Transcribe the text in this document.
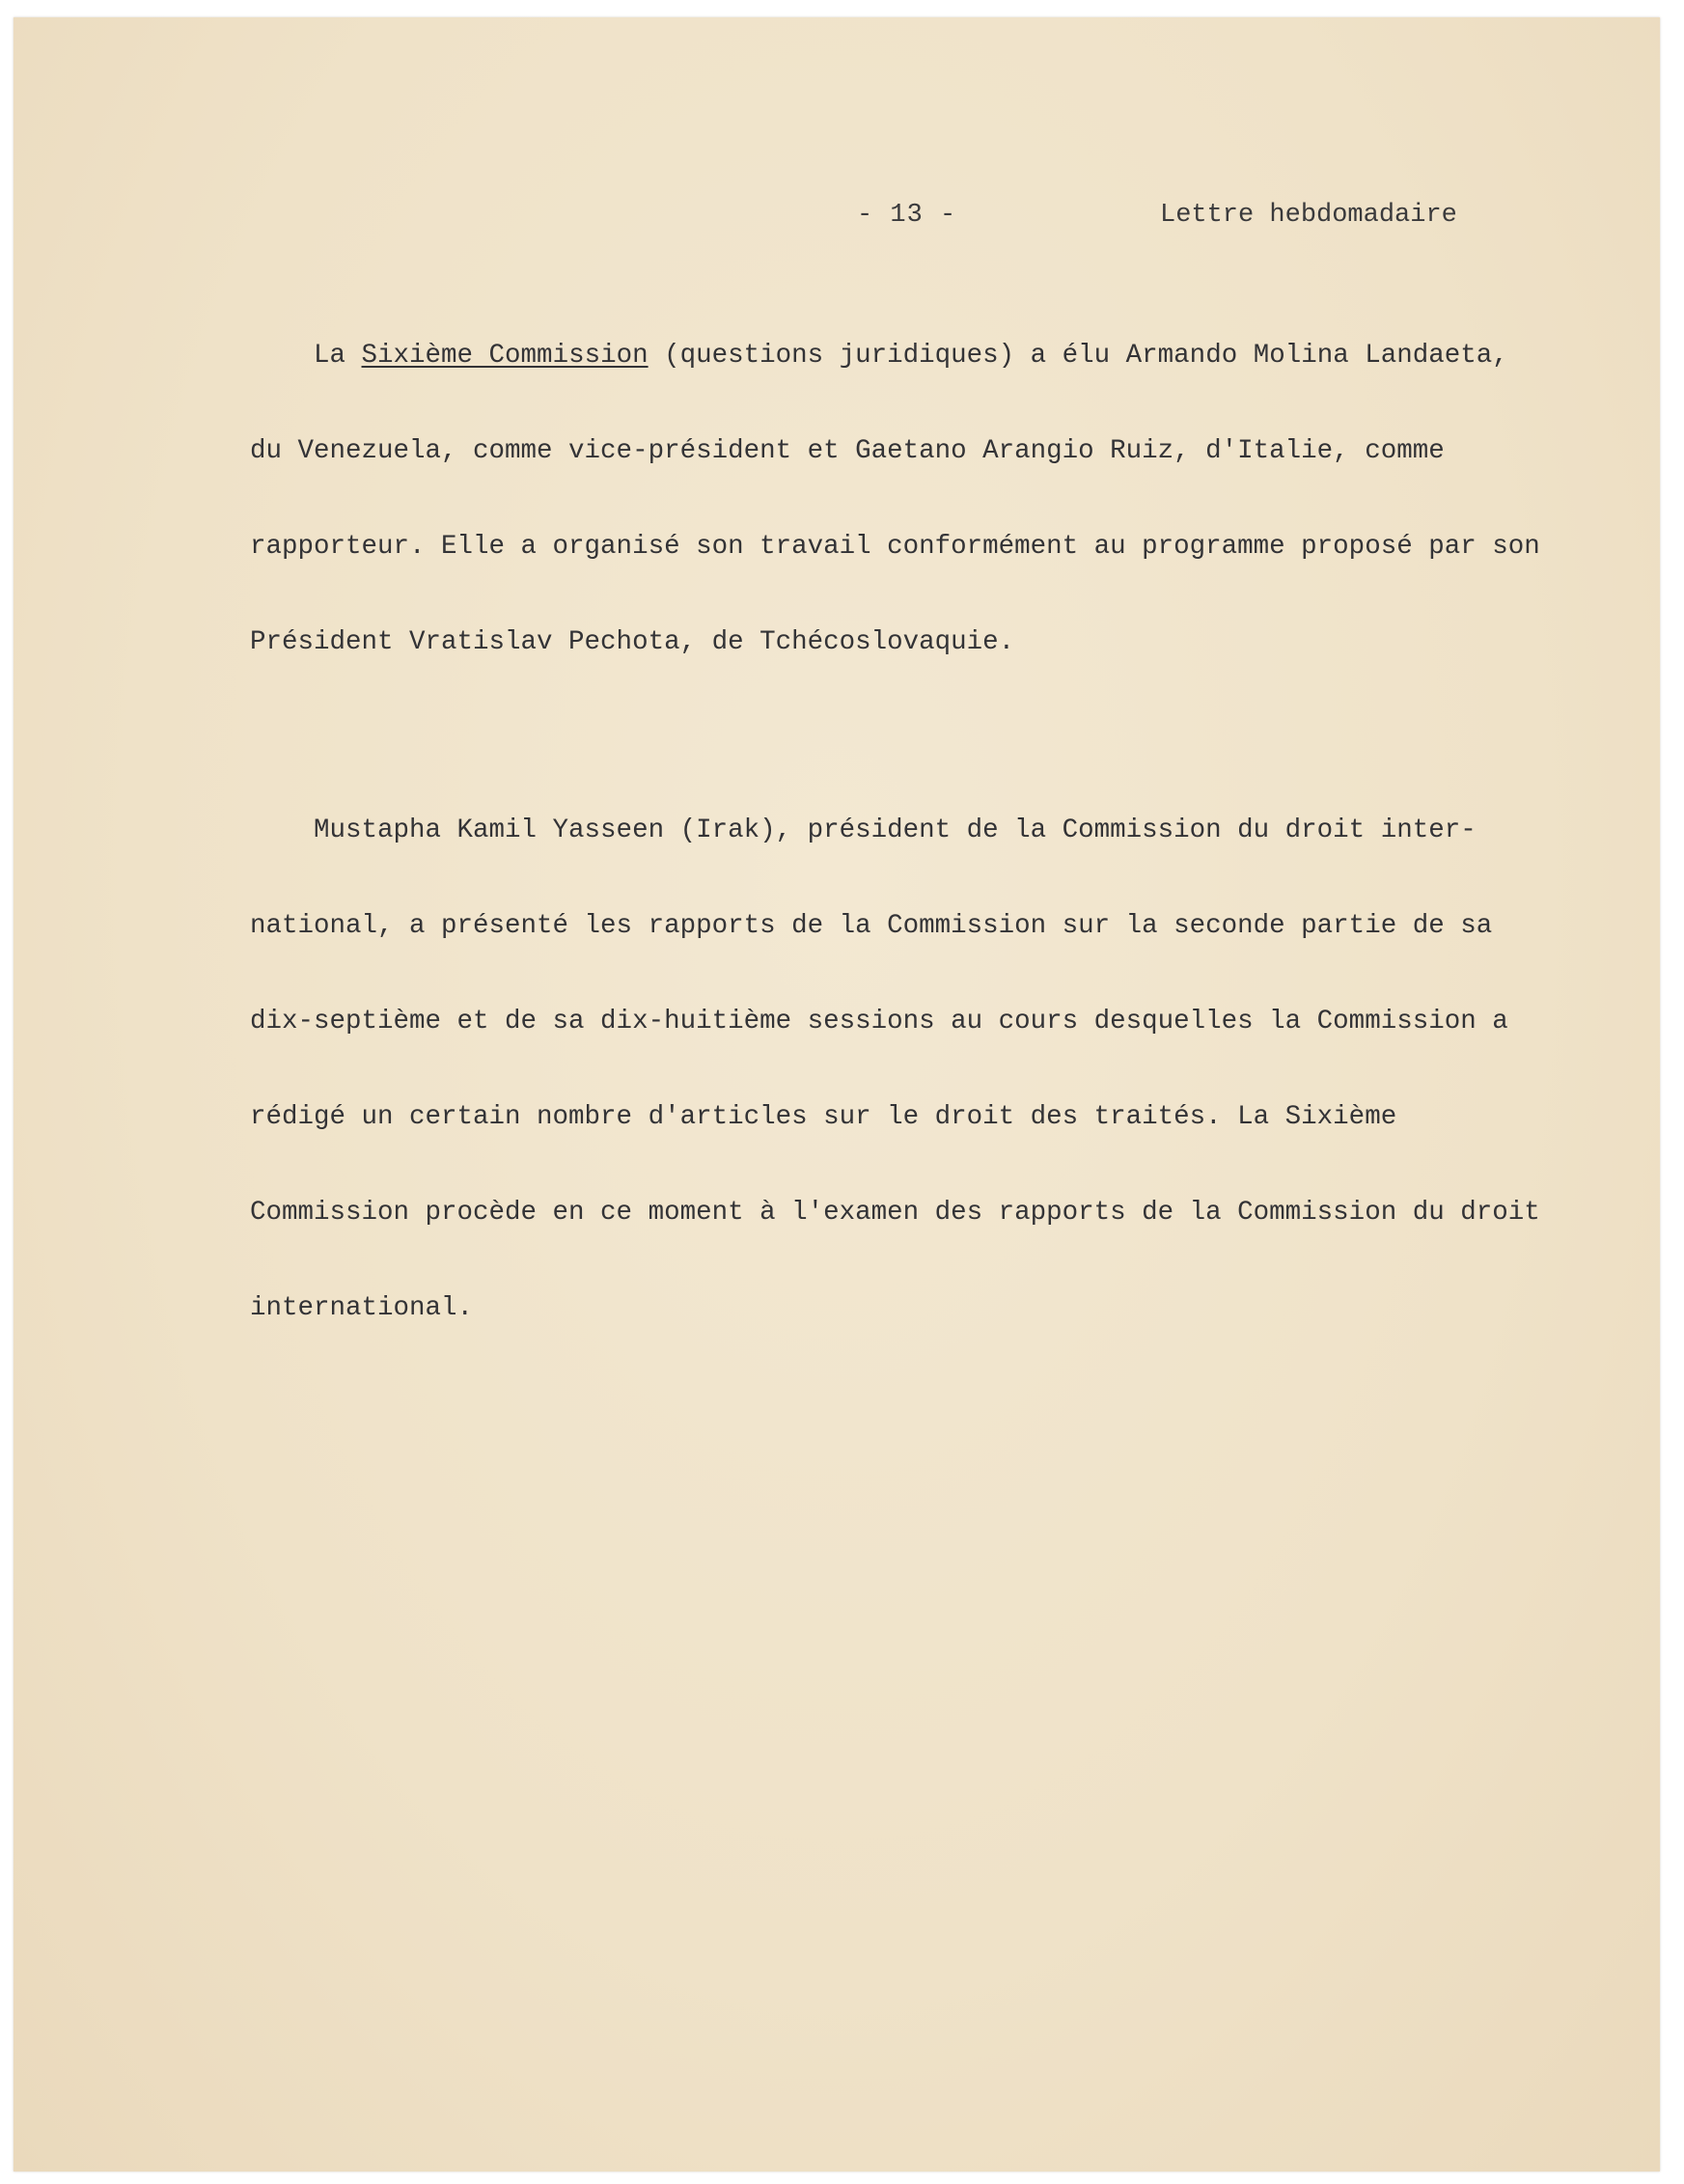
- 13 -	Lettre hebdomadaire

La Sixième Commission (questions juridiques) a élu Armando Molina Landaeta,

du Venezuela, comme vice-président et Gaetano Arangio Ruiz, d'Italie, comme

rapporteur. Elle a organisé son travail conformément au programme proposé par son

Président Vratislav Pechota, de Tchécoslovaquie.

Mustapha Kamil Yasseen (Irak), président de la Commission du droit inter-

national, a présenté les rapports de la Commission sur la seconde partie de sa

dix-septième et de sa dix-huitième sessions au cours desquelles la Commission a

rédigé un certain nombre d'articles sur le droit des traités. La Sixième

Commission procède en ce moment à l'examen des rapports de la Commission du droit

international.
